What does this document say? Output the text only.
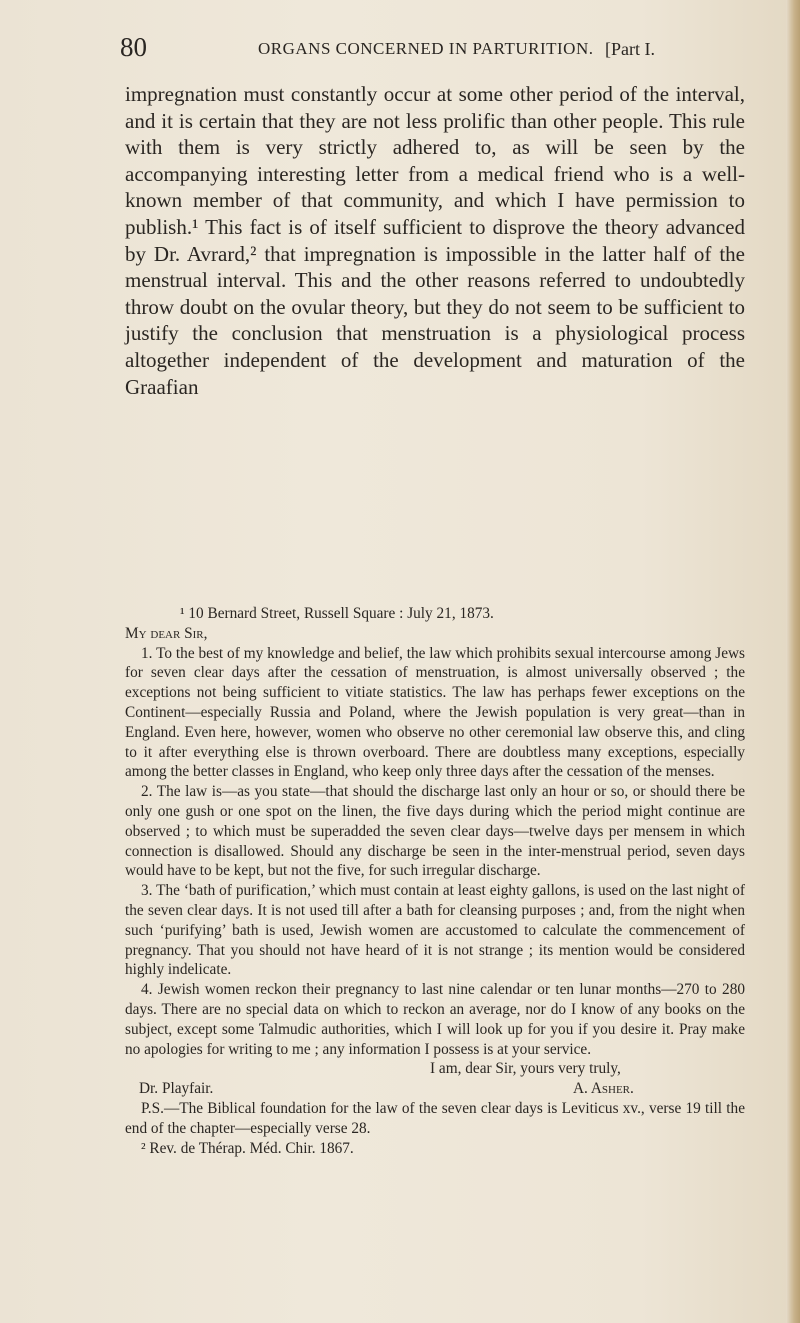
80	ORGANS CONCERNED IN PARTURITION. [Part I.

impregnation must constantly occur at some other period of the interval, and it is certain that they are not less prolific than other people. This rule with them is very strictly adhered to, as will be seen by the accompanying interesting letter from a medical friend who is a well-known member of that community, and which I have permission to publish.¹ This fact is of itself sufficient to disprove the theory advanced by Dr. Avrard,² that impregnation is impossible in the latter half of the menstrual interval. This and the other reasons referred to undoubtedly throw doubt on the ovular theory, but they do not seem to be sufficient to justify the conclusion that menstruation is a physiological process altogether independent of the development and maturation of the Graafian

¹ 10 Bernard Street, Russell Square : July 21, 1873.

My dear Sir,

1. To the best of my knowledge and belief, the law which prohibits sexual intercourse among Jews for seven clear days after the cessation of menstruation, is almost universally observed ; the exceptions not being sufficient to vitiate statistics. The law has perhaps fewer exceptions on the Continent—especially Russia and Poland, where the Jewish population is very great—than in England. Even here, however, women who observe no other ceremonial law observe this, and cling to it after everything else is thrown overboard. There are doubtless many exceptions, especially among the better classes in England, who keep only three days after the cessation of the menses.

2. The law is—as you state—that should the discharge last only an hour or so, or should there be only one gush or one spot on the linen, the five days during which the period might continue are observed ; to which must be superadded the seven clear days—twelve days per mensem in which connection is disallowed. Should any discharge be seen in the inter-menstrual period, seven days would have to be kept, but not the five, for such irregular discharge.

3. The ‘bath of purification,’ which must contain at least eighty gallons, is used on the last night of the seven clear days. It is not used till after a bath for cleansing purposes ; and, from the night when such ‘purifying’ bath is used, Jewish women are accustomed to calculate the commencement of pregnancy. That you should not have heard of it is not strange ; its mention would be considered highly indelicate.

4. Jewish women reckon their pregnancy to last nine calendar or ten lunar months—270 to 280 days. There are no special data on which to reckon an average, nor do I know of any books on the subject, except some Talmudic authorities, which I will look up for you if you desire it. Pray make no apologies for writing to me ; any information I possess is at your service.

I am, dear Sir, yours very truly,

A. Asher.

Dr. Playfair.

P.S.—The Biblical foundation for the law of the seven clear days is Leviticus xv., verse 19 till the end of the chapter—especially verse 28.

² Rev. de Thérap. Méd. Chir. 1867.
